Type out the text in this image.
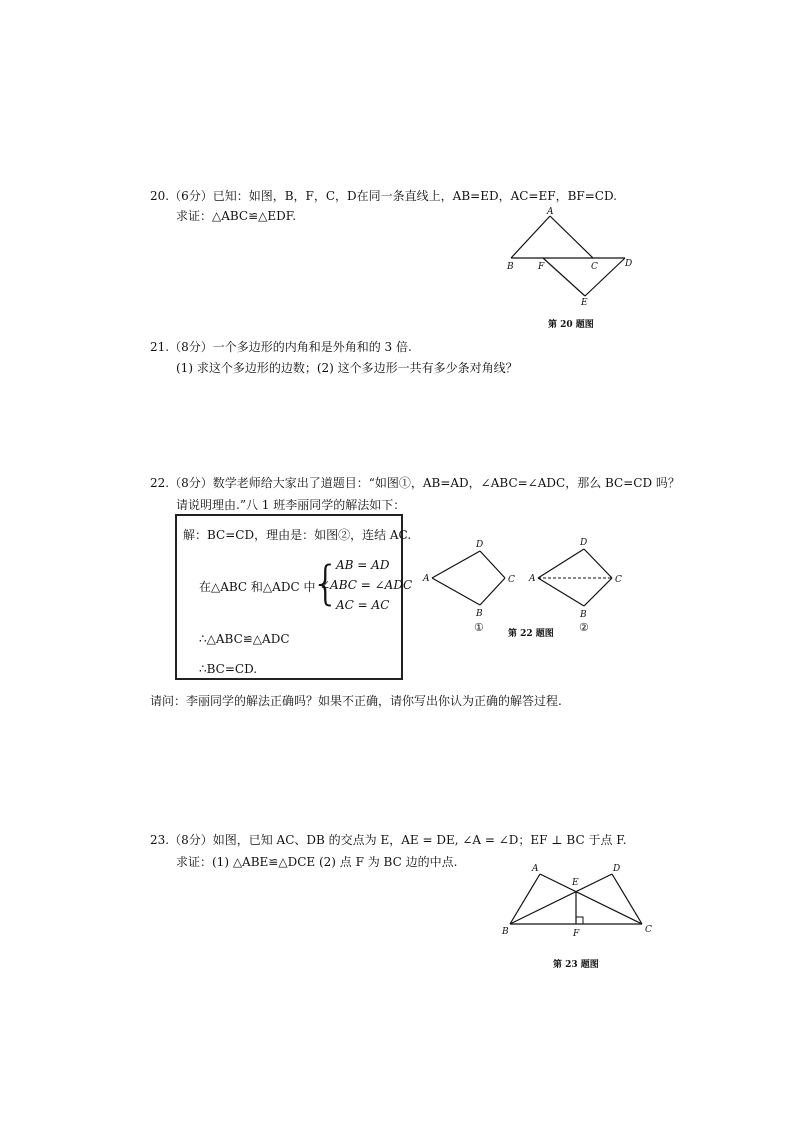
20.（6分）已知：如图，B，F，C，D在同一条直线上，AB=ED，AC=EF，BF=CD.
求证：△ABC≌△EDF.	A
B	F	C	D
E
第 20 题图
21.（8分）一个多边形的内角和是外角和的 3 倍.
(1) 求这个多边形的边数；(2) 这个多边形一共有多少条对角线？
22.（8分）数学老师给大家出了道题目：“如图①，AB=AD，∠ABC=∠ADC，那么 BC=CD 吗？
请说明理由.”八 1 班李丽同学的解法如下：
解：BC=CD，理由是：如图②，连结 AC.
在△ABC 和△ADC 中
{
AB = AD
∠ABC = ∠ADC
AC = AC
∴△ABC≌△ADC
∴BC=CD.
D
A	C
B
①
D
A	C
B
②
第 22 题图
请问：李丽同学的解法正确吗？如果不正确，请你写出你认为正确的解答过程.
23.（8分）如图，已知 AC、DB 的交点为 E，AE = DE, ∠A = ∠D；EF ⊥ BC 于点 F.
求证：(1) △ABE≌△DCE (2) 点 F 为 BC 边的中点.	A
E
D
B	F	C
第 23 题图
